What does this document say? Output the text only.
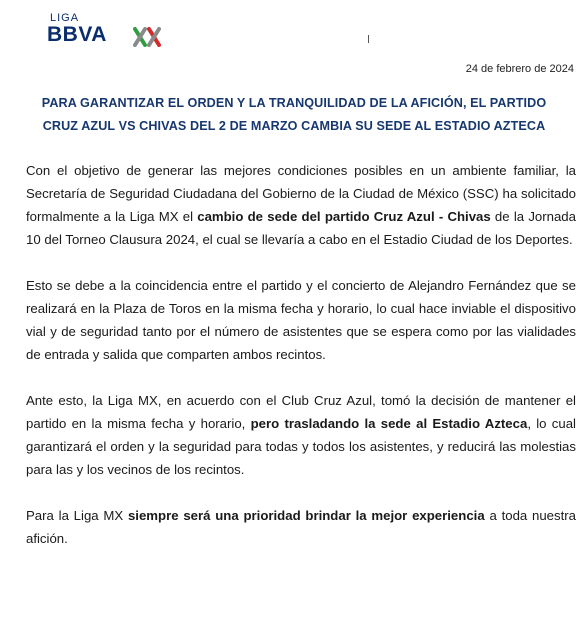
LIGA
BBVA
24 de febrero de 2024
PARA GARANTIZAR EL ORDEN Y LA TRANQUILIDAD DE LA AFICIÓN, EL PARTIDO
CRUZ AZUL VS CHIVAS DEL 2 DE MARZO CAMBIA SU SEDE AL ESTADIO AZTECA

Con el objetivo de generar las mejores condiciones posibles en un ambiente familiar, la Secretaría de Seguridad Ciudadana del Gobierno de la Ciudad de México (SSC) ha solicitado formalmente a la Liga MX el cambio de sede del partido Cruz Azul - Chivas de la Jornada 10 del Torneo Clausura 2024, el cual se llevaría a cabo en el Estadio Ciudad de los Deportes.

Esto se debe a la coincidencia entre el partido y el concierto de Alejandro Fernández que se realizará en la Plaza de Toros en la misma fecha y horario, lo cual hace inviable el dispositivo vial y de seguridad tanto por el número de asistentes que se espera como por las vialidades de entrada y salida que comparten ambos recintos.

Ante esto, la Liga MX, en acuerdo con el Club Cruz Azul, tomó la decisión de mantener el partido en la misma fecha y horario, pero trasladando la sede al Estadio Azteca, lo cual garantizará el orden y la seguridad para todas y todos los asistentes, y reducirá las molestias para las y los vecinos de los recintos.

Para la Liga MX siempre será una prioridad brindar la mejor experiencia a toda nuestra afición.
